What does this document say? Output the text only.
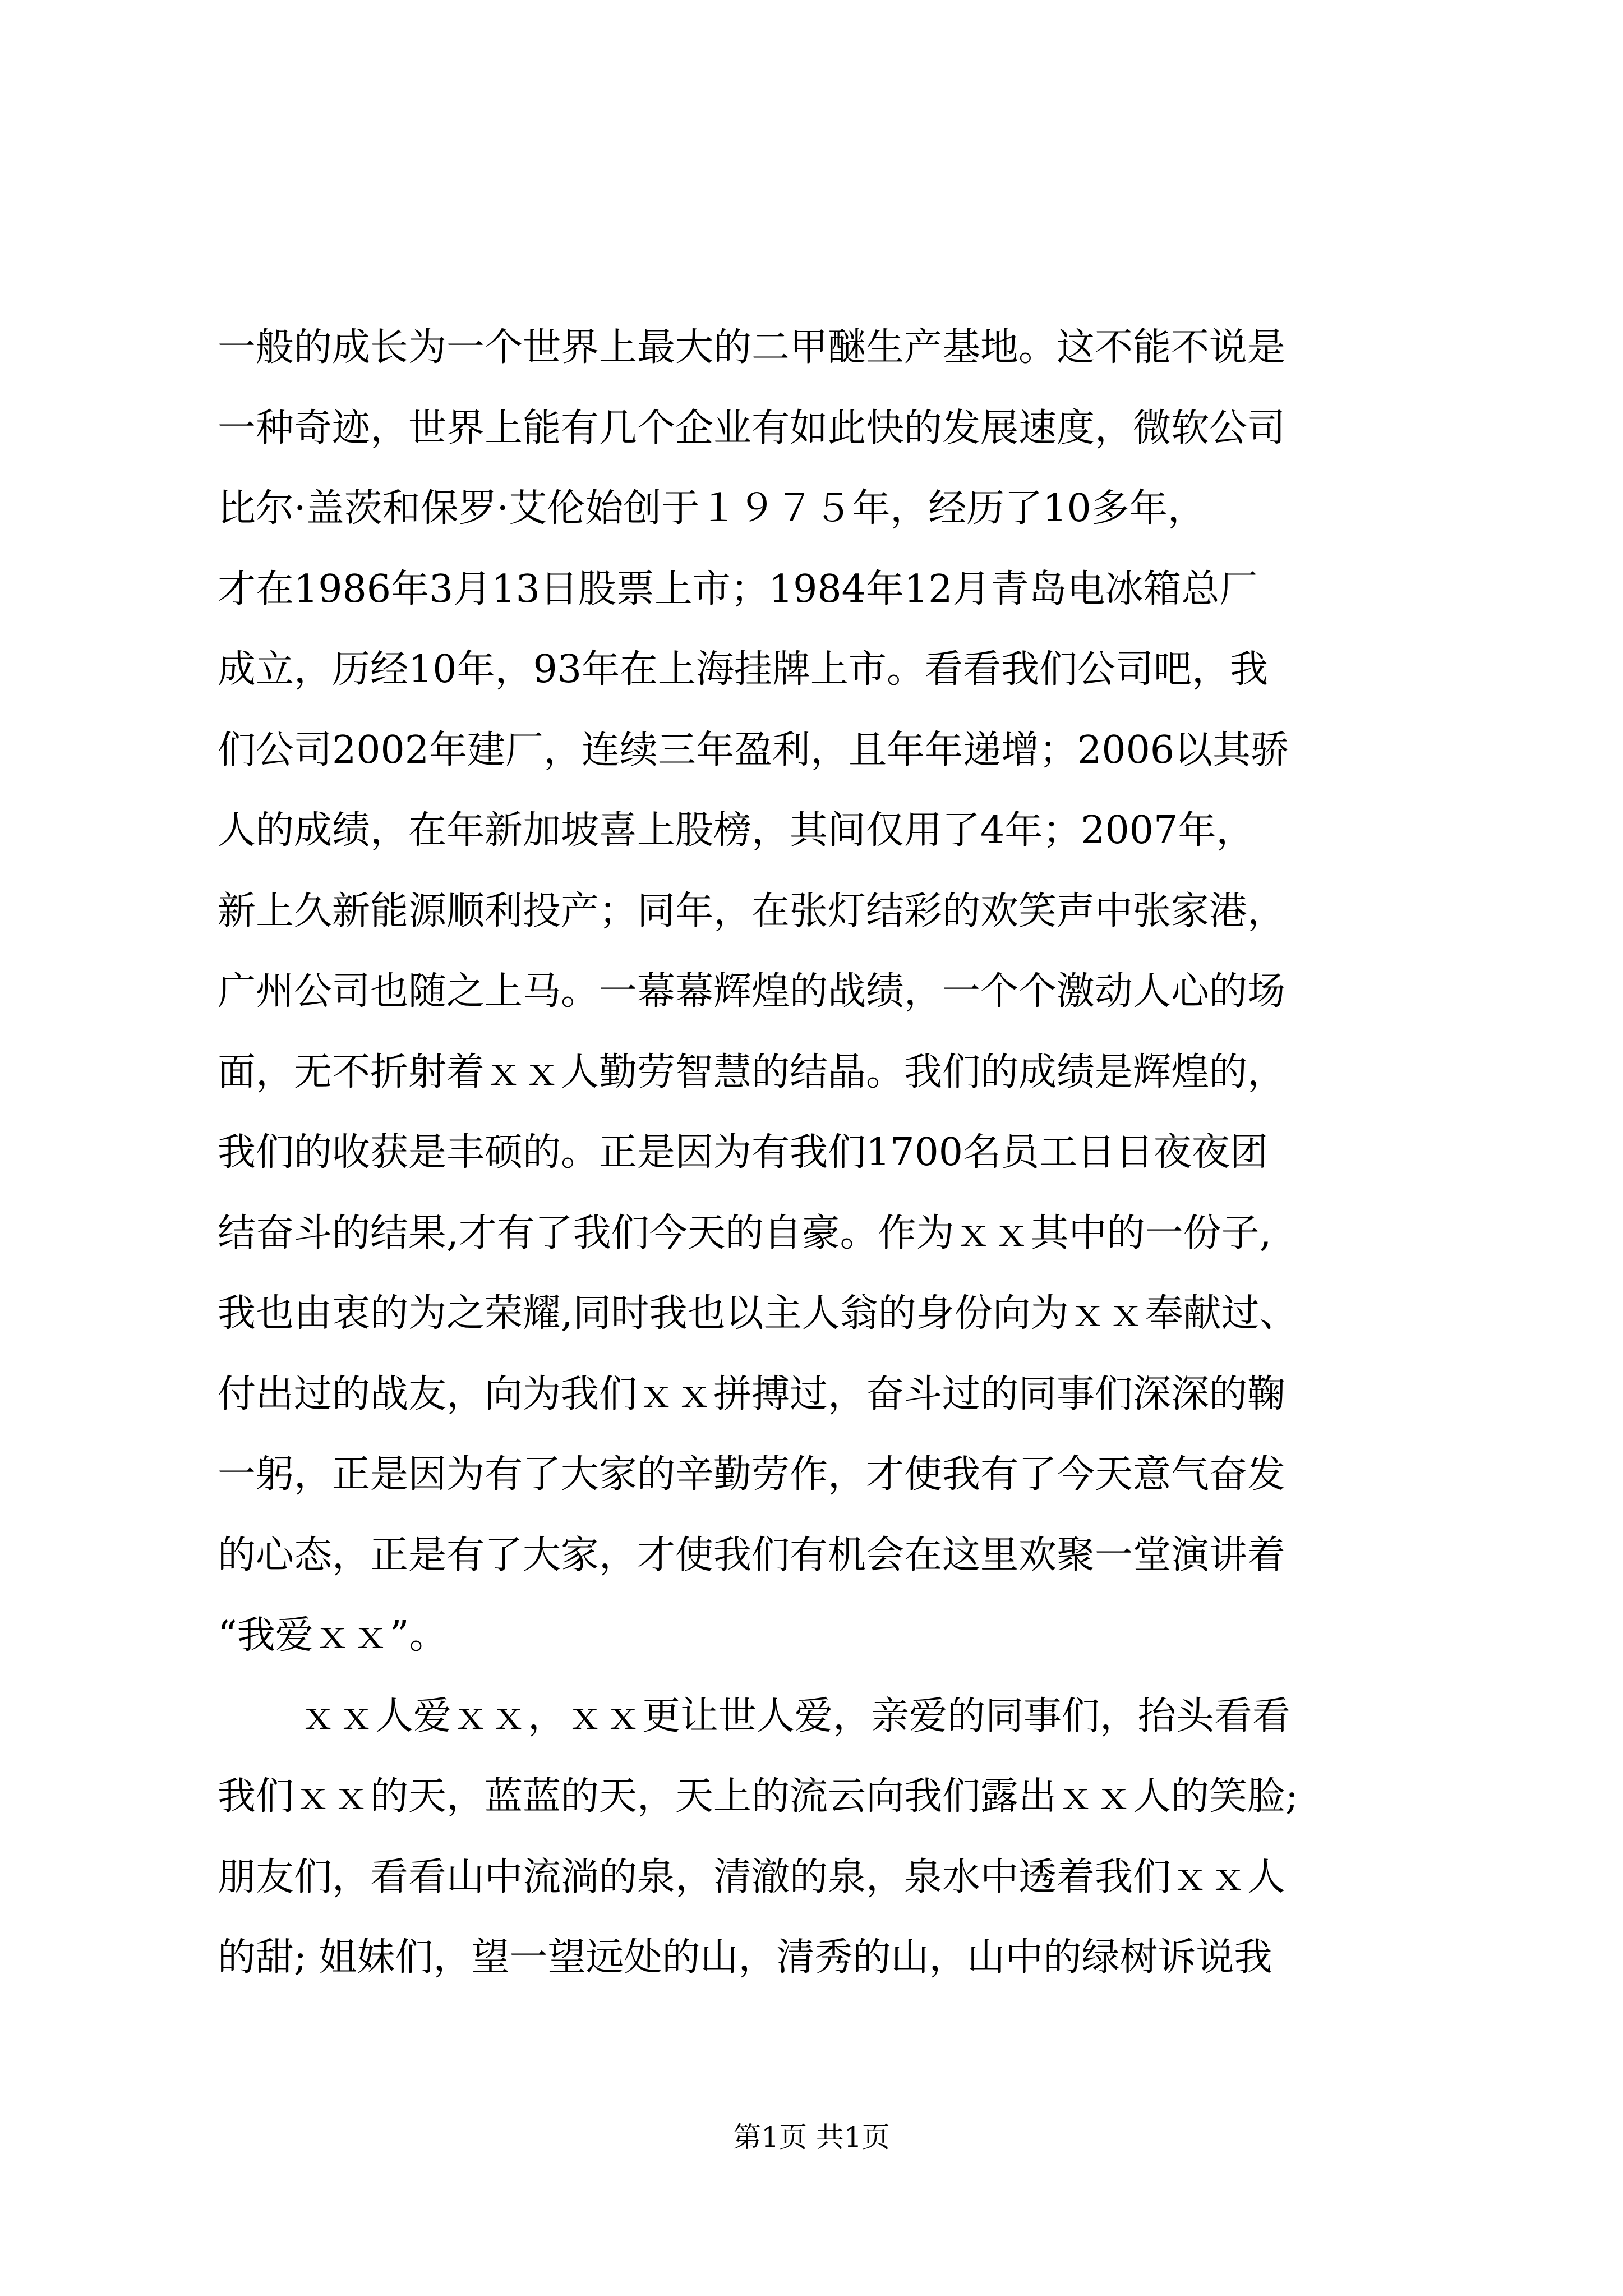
一般的成长为一个世界上最大的二甲醚生产基地。这不能不说是
一种奇迹，世界上能有几个企业有如此快的发展速度，微软公司
比尔·盖茨和保罗·艾伦始创于１９７５年，经历了10多年，
才在1986年3月13日股票上市；1984年12月青岛电冰箱总厂
成立，历经10年，93年在上海挂牌上市。看看我们公司吧，我
们公司2002年建厂，连续三年盈利，且年年递增；2006以其骄
人的成绩，在年新加坡喜上股榜，其间仅用了4年；2007年，
新上久新能源顺利投产；同年，在张灯结彩的欢笑声中张家港，
广州公司也随之上马。一幕幕辉煌的战绩，一个个激动人心的场
面，无不折射着ｘｘ人勤劳智慧的结晶。我们的成绩是辉煌的，
我们的收获是丰硕的。正是因为有我们1700名员工日日夜夜团
结奋斗的结果,才有了我们今天的自豪。作为ｘｘ其中的一份子,
我也由衷的为之荣耀,同时我也以主人翁的身份向为ｘｘ奉献过、
付出过的战友，向为我们ｘｘ拼搏过，奋斗过的同事们深深的鞠
一躬，正是因为有了大家的辛勤劳作，才使我有了今天意气奋发
的心态，正是有了大家，才使我们有机会在这里欢聚一堂演讲着
“我爱ｘｘ”。
ｘｘ人爱ｘｘ，ｘｘ更让世人爱，亲爱的同事们，抬头看看
我们ｘｘ的天，蓝蓝的天，天上的流云向我们露出ｘｘ人的笑脸;
朋友们，看看山中流淌的泉，清澈的泉，泉水中透着我们ｘｘ人
的甜; 姐妹们，望一望远处的山，清秀的山，山中的绿树诉说我
第1页 共1页
